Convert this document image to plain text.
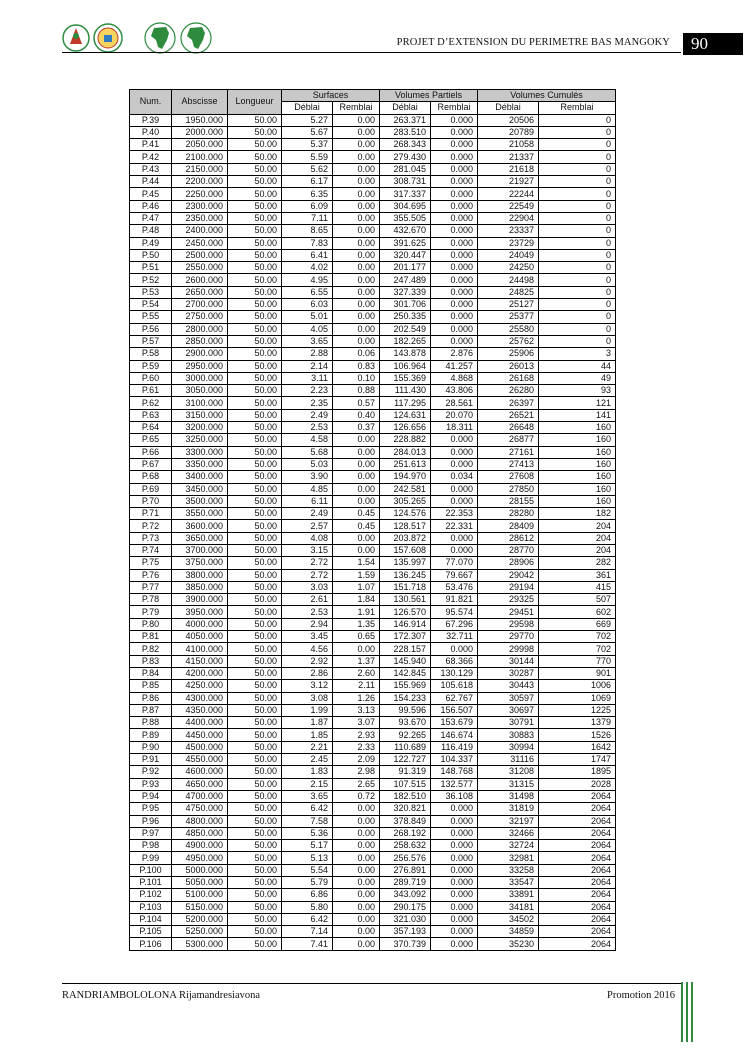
PROJET D’EXTENSION DU PERIMETRE BAS MANGOKY	90
Num.	Abscisse	Longueur	Surfaces		Volumes Partiels		Volumes Cumulés	
			Déblai	Remblai	Déblai	Remblai	Déblai	Remblai
P.39	1950.000	50.00	5.27	0.00	263.371	0.000	20506	0
P.40	2000.000	50.00	5.67	0.00	283.510	0.000	20789	0
P.41	2050.000	50.00	5.37	0.00	268.343	0.000	21058	0
P.42	2100.000	50.00	5.59	0.00	279.430	0.000	21337	0
P.43	2150.000	50.00	5.62	0.00	281.045	0.000	21618	0
P.44	2200.000	50.00	6.17	0.00	308.731	0.000	21927	0
P.45	2250.000	50.00	6.35	0.00	317.337	0.000	22244	0
P.46	2300.000	50.00	6.09	0.00	304.695	0.000	22549	0
P.47	2350.000	50.00	7.11	0.00	355.505	0.000	22904	0
P.48	2400.000	50.00	8.65	0.00	432.670	0.000	23337	0
P.49	2450.000	50.00	7.83	0.00	391.625	0.000	23729	0
P.50	2500.000	50.00	6.41	0.00	320.447	0.000	24049	0
P.51	2550.000	50.00	4.02	0.00	201.177	0.000	24250	0
P.52	2600.000	50.00	4.95	0.00	247.489	0.000	24498	0
P.53	2650.000	50.00	6.55	0.00	327.339	0.000	24825	0
P.54	2700.000	50.00	6.03	0.00	301.706	0.000	25127	0
P.55	2750.000	50.00	5.01	0.00	250.335	0.000	25377	0
P.56	2800.000	50.00	4.05	0.00	202.549	0.000	25580	0
P.57	2850.000	50.00	3.65	0.00	182.265	0.000	25762	0
P.58	2900.000	50.00	2.88	0.06	143.878	2.876	25906	3
P.59	2950.000	50.00	2.14	0.83	106.964	41.257	26013	44
P.60	3000.000	50.00	3.11	0.10	155.369	4.868	26168	49
P.61	3050.000	50.00	2.23	0.88	111.430	43.806	26280	93
P.62	3100.000	50.00	2.35	0.57	117.295	28.561	26397	121
P.63	3150.000	50.00	2.49	0.40	124.631	20.070	26521	141
P.64	3200.000	50.00	2.53	0.37	126.656	18.311	26648	160
P.65	3250.000	50.00	4.58	0.00	228.882	0.000	26877	160
P.66	3300.000	50.00	5.68	0.00	284.013	0.000	27161	160
P.67	3350.000	50.00	5.03	0.00	251.613	0.000	27413	160
P.68	3400.000	50.00	3.90	0.00	194.970	0.034	27608	160
P.69	3450.000	50.00	4.85	0.00	242.581	0.000	27850	160
P.70	3500.000	50.00	6.11	0.00	305.265	0.000	28155	160
P.71	3550.000	50.00	2.49	0.45	124.576	22.353	28280	182
P.72	3600.000	50.00	2.57	0.45	128.517	22.331	28409	204
P.73	3650.000	50.00	4.08	0.00	203.872	0.000	28612	204
P.74	3700.000	50.00	3.15	0.00	157.608	0.000	28770	204
P.75	3750.000	50.00	2.72	1.54	135.997	77.070	28906	282
P.76	3800.000	50.00	2.72	1.59	136.245	79.667	29042	361
P.77	3850.000	50.00	3.03	1.07	151.718	53.476	29194	415
P.78	3900.000	50.00	2.61	1.84	130.561	91.821	29325	507
P.79	3950.000	50.00	2.53	1.91	126.570	95.574	29451	602
P.80	4000.000	50.00	2.94	1.35	146.914	67.296	29598	669
P.81	4050.000	50.00	3.45	0.65	172.307	32.711	29770	702
P.82	4100.000	50.00	4.56	0.00	228.157	0.000	29998	702
P.83	4150.000	50.00	2.92	1.37	145.940	68.366	30144	770
P.84	4200.000	50.00	2.86	2.60	142.845	130.129	30287	901
P.85	4250.000	50.00	3.12	2.11	155.969	105.618	30443	1006
P.86	4300.000	50.00	3.08	1.26	154.233	62.767	30597	1069
P.87	4350.000	50.00	1.99	3.13	99.596	156.507	30697	1225
P.88	4400.000	50.00	1.87	3.07	93.670	153.679	30791	1379
P.89	4450.000	50.00	1.85	2.93	92.265	146.674	30883	1526
P.90	4500.000	50.00	2.21	2.33	110.689	116.419	30994	1642
P.91	4550.000	50.00	2.45	2.09	122.727	104.337	31116	1747
P.92	4600.000	50.00	1.83	2.98	91.319	148.768	31208	1895
P.93	4650.000	50.00	2.15	2.65	107.515	132.577	31315	2028
P.94	4700.000	50.00	3.65	0.72	182.510	36.108	31498	2064
P.95	4750.000	50.00	6.42	0.00	320.821	0.000	31819	2064
P.96	4800.000	50.00	7.58	0.00	378.849	0.000	32197	2064
P.97	4850.000	50.00	5.36	0.00	268.192	0.000	32466	2064
P.98	4900.000	50.00	5.17	0.00	258.632	0.000	32724	2064
P.99	4950.000	50.00	5.13	0.00	256.576	0.000	32981	2064
P.100	5000.000	50.00	5.54	0.00	276.891	0.000	33258	2064
P.101	5050.000	50.00	5.79	0.00	289.719	0.000	33547	2064
P.102	5100.000	50.00	6.86	0.00	343.092	0.000	33891	2064
P.103	5150.000	50.00	5.80	0.00	290.175	0.000	34181	2064
P.104	5200.000	50.00	6.42	0.00	321.030	0.000	34502	2064
P.105	5250.000	50.00	7.14	0.00	357.193	0.000	34859	2064
P.106	5300.000	50.00	7.41	0.00	370.739	0.000	35230	2064
RANDRIAMBOLOLONA Rijamandresiavona	Promotion 2016
